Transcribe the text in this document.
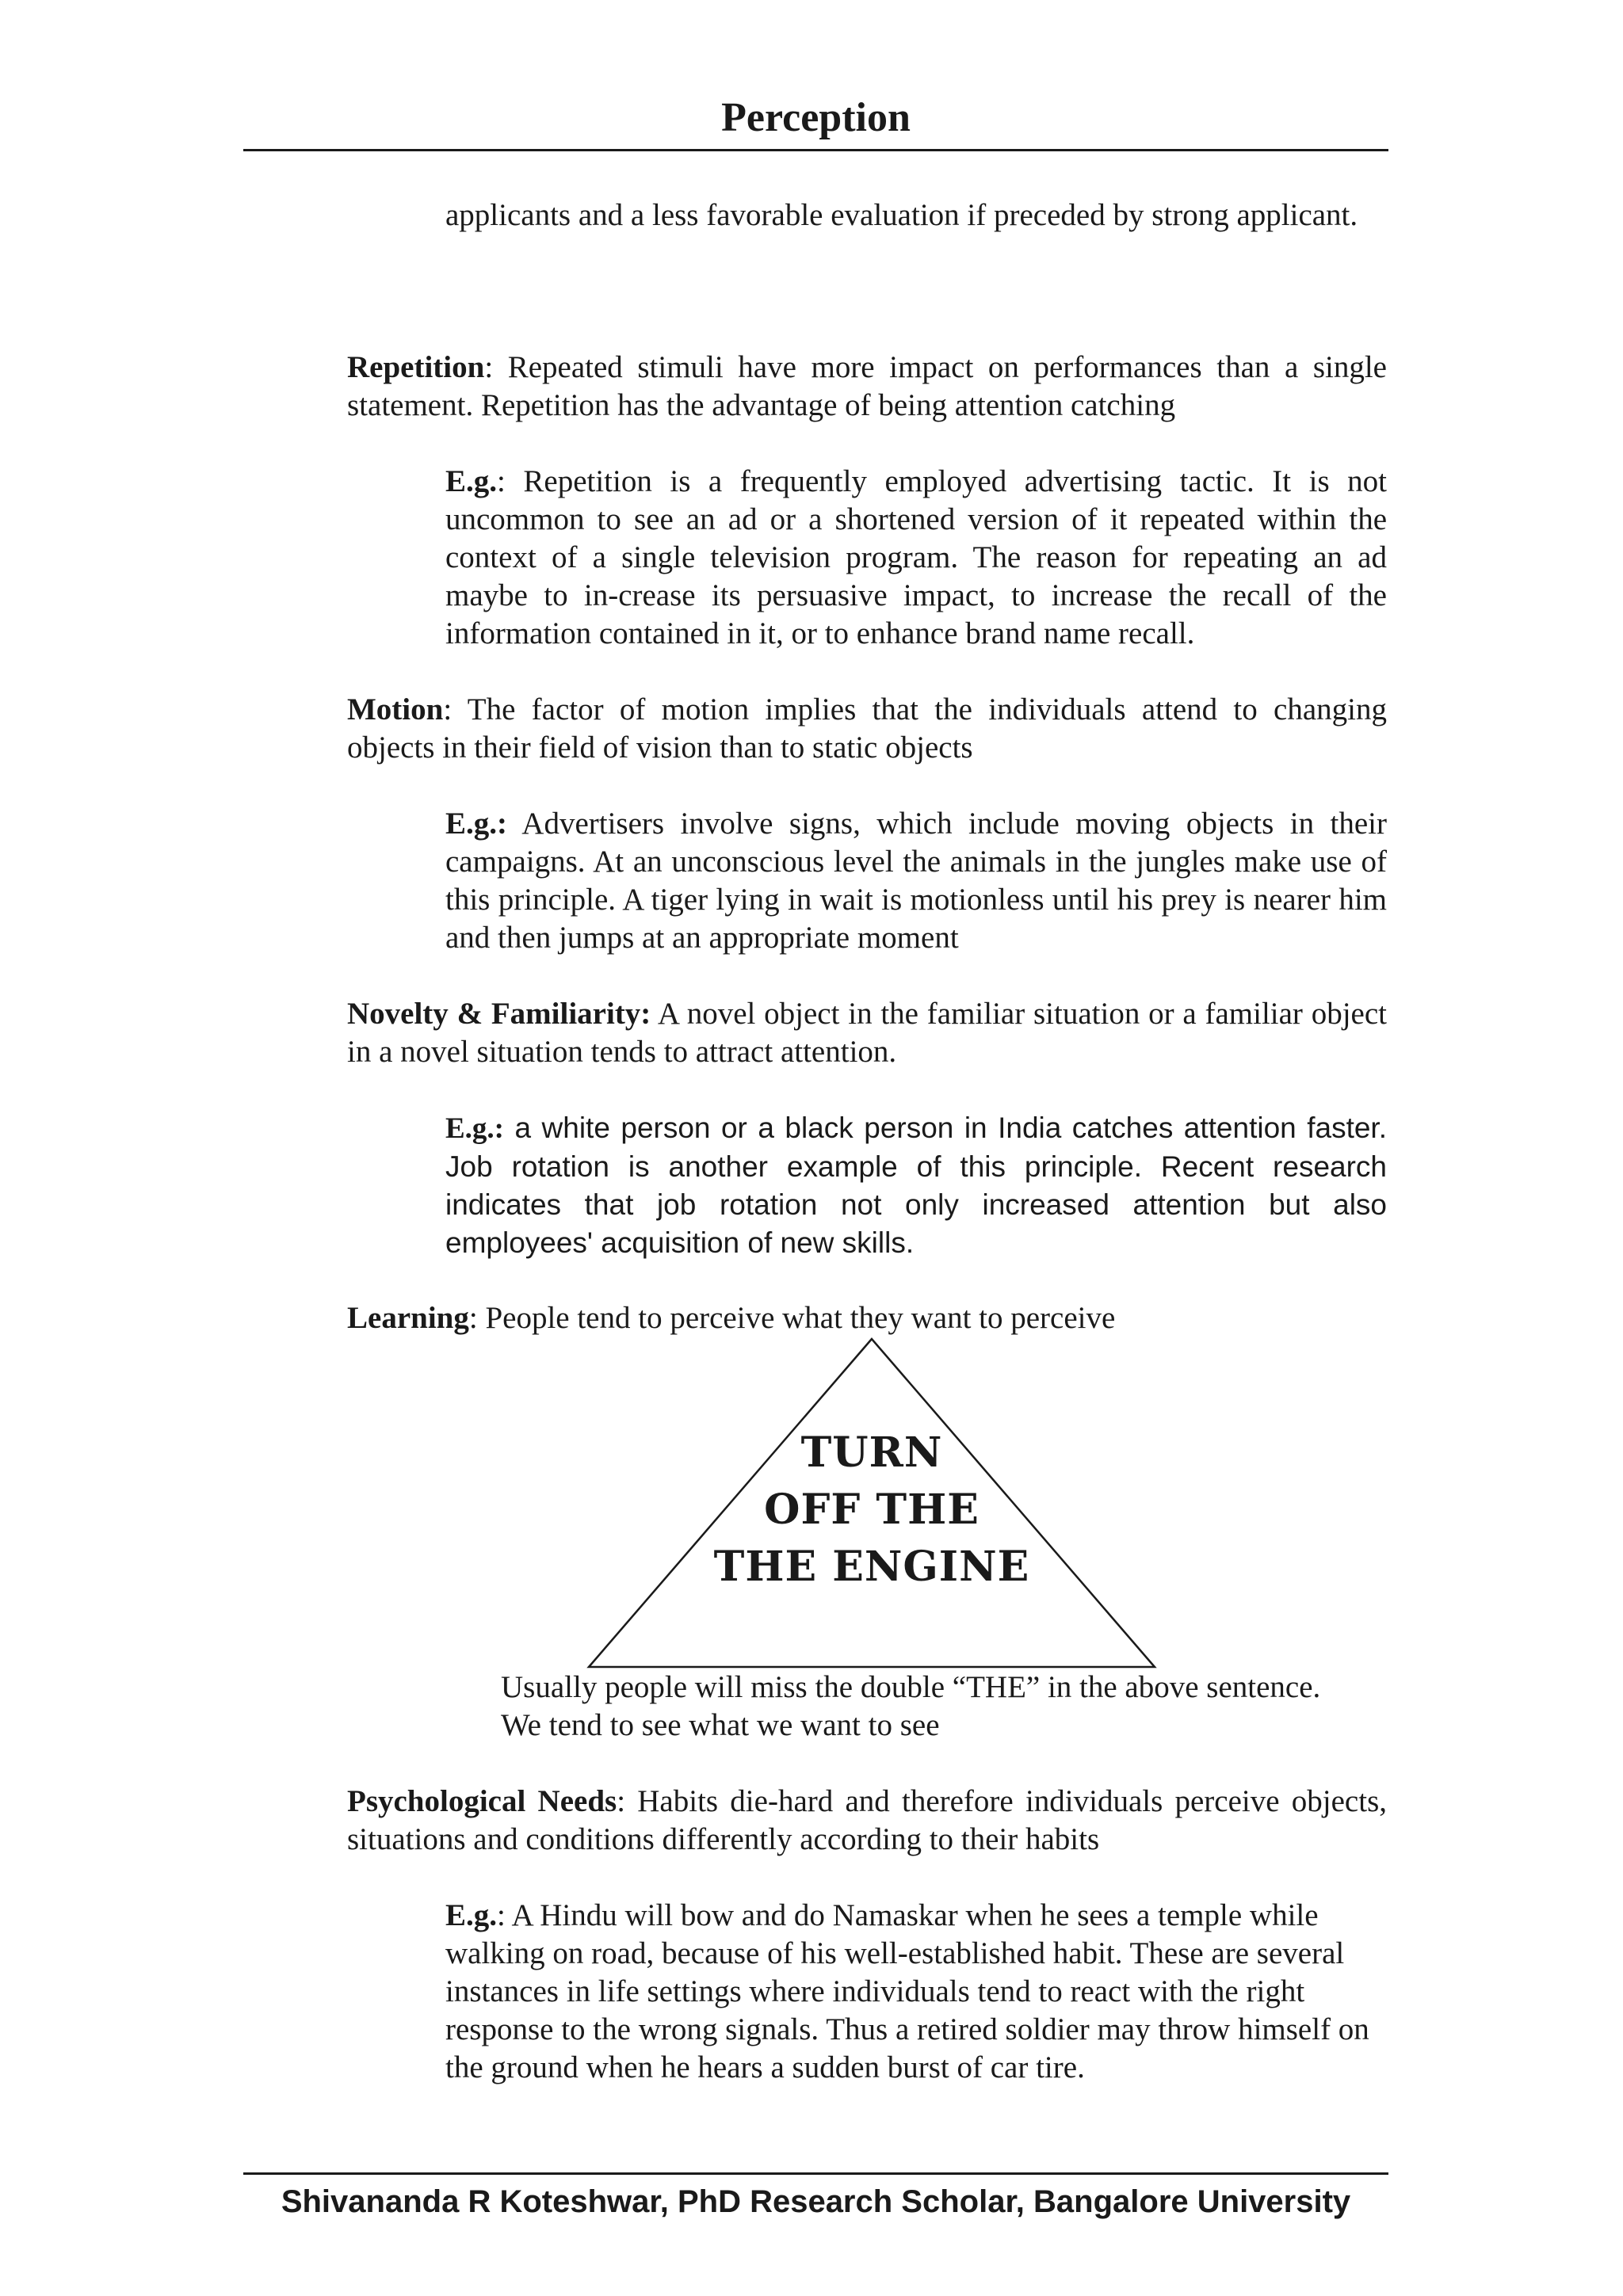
Perception

applicants and a less favorable evaluation if preceded by strong applicant.

Repetition: Repeated stimuli have more impact on performances than a single statement. Repetition has the advantage of being attention catching

E.g.: Repetition is a frequently employed advertising tactic. It is not uncommon to see an ad or a shortened version of it repeated within the context of a single television program. The reason for repeating an ad maybe to in-crease its persuasive impact, to increase the recall of the information contained in it, or to enhance brand name recall.

Motion: The factor of motion implies that the individuals attend to changing objects in their field of vision than to static objects

E.g.: Advertisers involve signs, which include moving objects in their campaigns. At an unconscious level the animals in the jungles make use of this principle. A tiger lying in wait is motionless until his prey is nearer him and then jumps at an appropriate moment

Novelty & Familiarity: A novel object in the familiar situation or a familiar object in a novel situation tends to attract attention.

E.g.: a white person or a black person in India catches attention faster. Job rotation is another example of this principle. Recent research indicates that job rotation not only increased attention but also employees' acquisition of new skills.

Learning: People tend to perceive what they want to perceive

TURN
OFF THE
THE ENGINE

Usually people will miss the double “THE” in the above sentence.

We tend to see what we want to see

Psychological Needs: Habits die-hard and therefore individuals perceive objects, situations and conditions differently according to their habits

E.g.: A Hindu will bow and do Namaskar when he sees a temple while walking on road, because of his well-established habit. These are several instances in life settings where individuals tend to react with the right response to the wrong signals. Thus a retired soldier may throw himself on the ground when he hears a sudden burst of car tire.

Shivananda R Koteshwar, PhD Research Scholar, Bangalore University
